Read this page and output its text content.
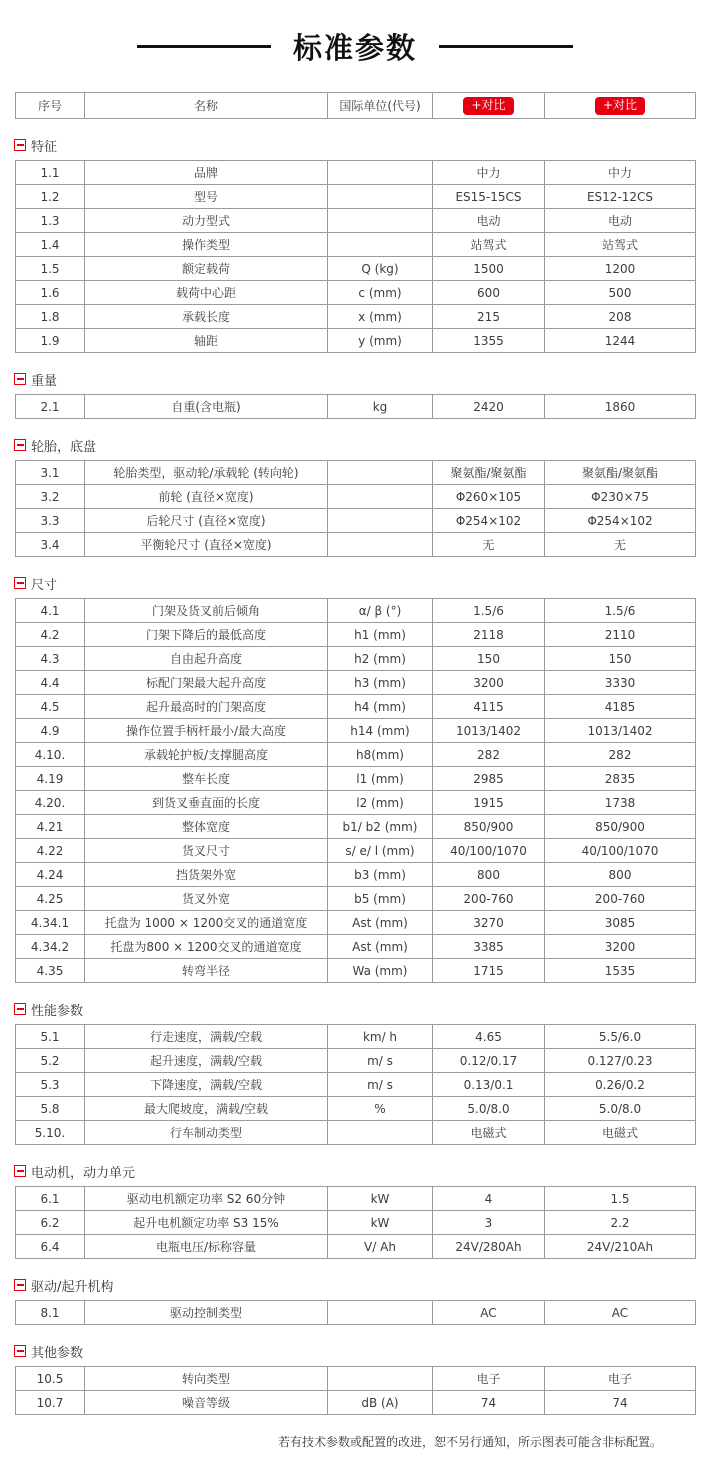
标准参数
序号	名称	国际单位(代号)	+对比	+对比
特征
1.1	品牌		中力	中力
1.2	型号		ES15-15CS	ES12-12CS
1.3	动力型式		电动	电动
1.4	操作类型		站驾式	站驾式
1.5	额定载荷	Q (kg)	1500	1200
1.6	载荷中心距	c (mm)	600	500
1.8	承载长度	x (mm)	215	208
1.9	轴距	y (mm)	1355	1244
重量
2.1	自重(含电瓶)	kg	2420	1860
轮胎，底盘
3.1	轮胎类型，驱动轮/承载轮 (转向轮)		聚氨酯/聚氨酯	聚氨酯/聚氨酯
3.2	前轮 (直径×宽度)		Φ260×105	Φ230×75
3.3	后轮尺寸 (直径×宽度)		Φ254×102	Φ254×102
3.4	平衡轮尺寸 (直径×宽度)		无	无
尺寸
4.1	门架及货叉前后倾角	α/ β (°)	1.5/6	1.5/6
4.2	门架下降后的最低高度	h1 (mm)	2118	2110
4.3	自由起升高度	h2 (mm)	150	150
4.4	标配门架最大起升高度	h3 (mm)	3200	3330
4.5	起升最高时的门架高度	h4 (mm)	4115	4185
4.9	操作位置手柄杆最小/最大高度	h14 (mm)	1013/1402	1013/1402
4.10.	承载轮护板/支撑腿高度	h8(mm)	282	282
4.19	整车长度	l1 (mm)	2985	2835
4.20.	到货叉垂直面的长度	l2 (mm)	1915	1738
4.21	整体宽度	b1/ b2 (mm)	850/900	850/900
4.22	货叉尺寸	s/ e/ l (mm)	40/100/1070	40/100/1070
4.24	挡货架外宽	b3 (mm)	800	800
4.25	货叉外宽	b5 (mm)	200-760	200-760
4.34.1	托盘为 1000 × 1200交叉的通道宽度	Ast (mm)	3270	3085
4.34.2	托盘为800 × 1200交叉的通道宽度	Ast (mm)	3385	3200
4.35	转弯半径	Wa (mm)	1715	1535
性能参数
5.1	行走速度，满载/空载	km/ h	4.65	5.5/6.0
5.2	起升速度，满载/空载	m/ s	0.12/0.17	0.127/0.23
5.3	下降速度，满载/空载	m/ s	0.13/0.1	0.26/0.2
5.8	最大爬坡度，满载/空载	%	5.0/8.0	5.0/8.0
5.10.	行车制动类型		电磁式	电磁式
电动机，动力单元
6.1	驱动电机额定功率 S2 60分钟	kW	4	1.5
6.2	起升电机额定功率 S3 15%	kW	3	2.2
6.4	电瓶电压/标称容量	V/ Ah	24V/280Ah	24V/210Ah
驱动/起升机构
8.1	驱动控制类型		AC	AC
其他参数
10.5	转向类型		电子	电子
10.7	噪音等级	dB (A)	74	74
若有技术参数或配置的改进，恕不另行通知，所示图表可能含非标配置。
